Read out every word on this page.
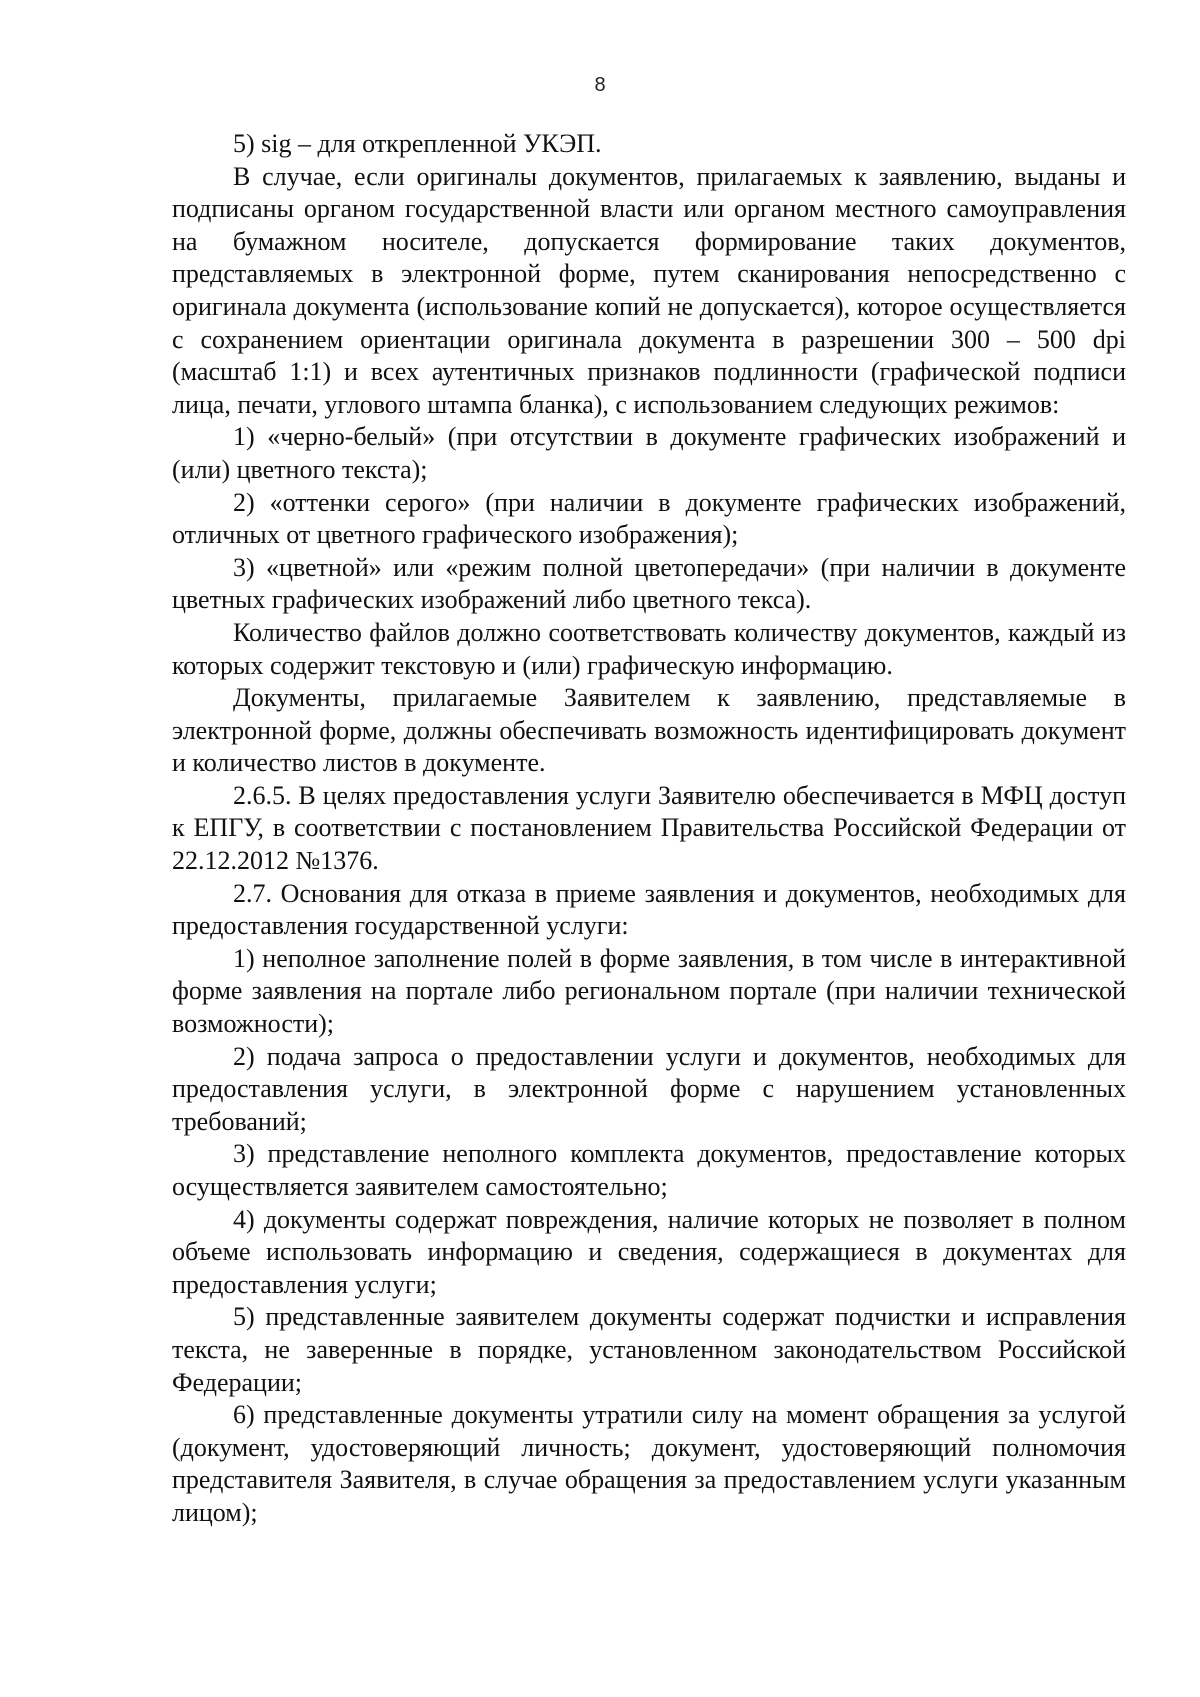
8

5) sig – для открепленной УКЭП.

В случае, если оригиналы документов, прилагаемых к заявлению, выданы и подписаны органом государственной власти или органом местного самоуправления на бумажном носителе, допускается формирование таких документов, представляемых в электронной форме, путем сканирования непосредственно с оригинала документа (использование копий не допускается), которое осуществляется с сохранением ориентации оригинала документа в разрешении 300 – 500 dpi (масштаб 1:1) и всех аутентичных признаков подлинности (графической подписи лица, печати, углового штампа бланка), с использованием следующих режимов:

1) «черно-белый» (при отсутствии в документе графических изображений и (или) цветного текста);

2) «оттенки серого» (при наличии в документе графических изображений, отличных от цветного графического изображения);

3) «цветной» или «режим полной цветопередачи» (при наличии в документе цветных графических изображений либо цветного текса).

Количество файлов должно соответствовать количеству документов, каждый из которых содержит текстовую и (или) графическую информацию.

Документы, прилагаемые Заявителем к заявлению, представляемые в электронной форме, должны обеспечивать возможность идентифицировать документ и количество листов в документе.

2.6.5. В целях предоставления услуги Заявителю обеспечивается в МФЦ доступ к ЕПГУ, в соответствии с постановлением Правительства Российской Федерации от 22.12.2012 №1376.

2.7. Основания для отказа в приеме заявления и документов, необходимых для предоставления государственной услуги:

1) неполное заполнение полей в форме заявления, в том числе в интерактивной форме заявления на портале либо региональном портале (при наличии технической возможности);

2) подача запроса о предоставлении услуги и документов, необходимых для предоставления услуги, в электронной форме с нарушением установленных требований;

3) представление неполного комплекта документов, предоставление которых осуществляется заявителем самостоятельно;

4) документы содержат повреждения, наличие которых не позволяет в полном объеме использовать информацию и сведения, содержащиеся в документах для предоставления услуги;

5) представленные заявителем документы содержат подчистки и исправления текста, не заверенные в порядке, установленном законодательством Российской Федерации;

6) представленные документы утратили силу на момент обращения за услугой (документ, удостоверяющий личность; документ, удостоверяющий полномочия представителя Заявителя, в случае обращения за предоставлением услуги указанным лицом);
